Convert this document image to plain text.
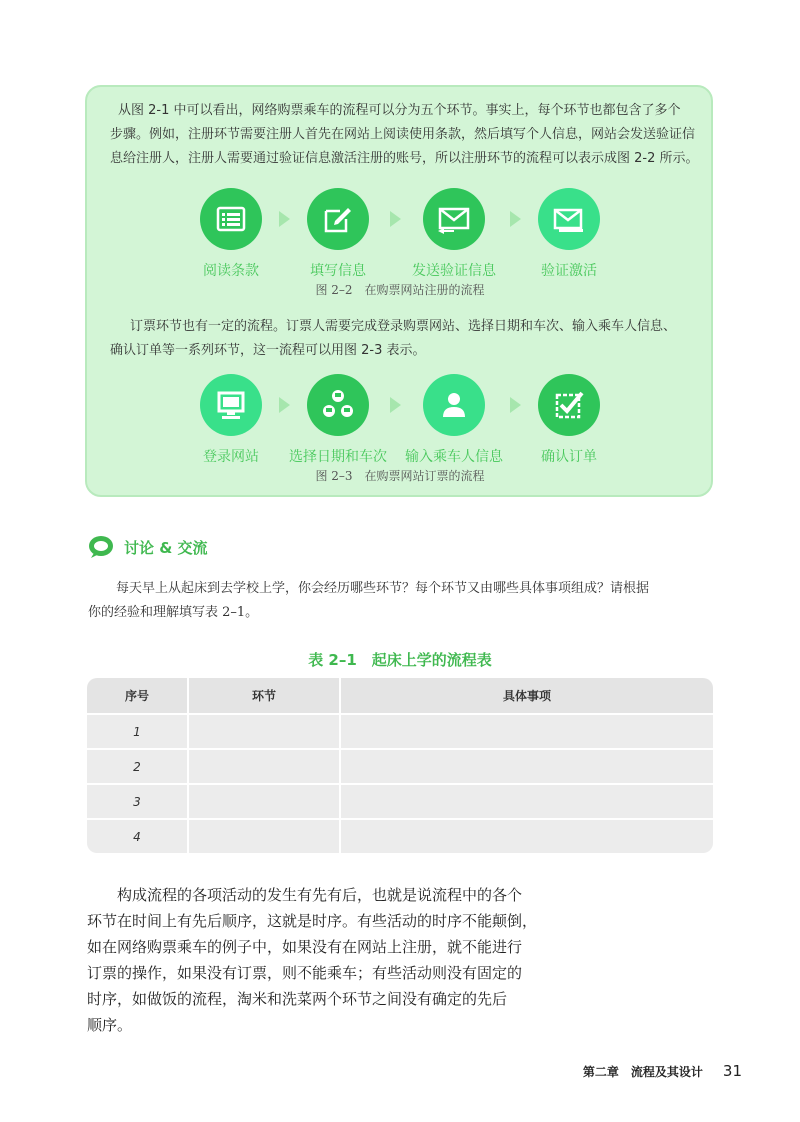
从图 2-1 中可以看出，网络购票乘车的流程可以分为五个环节。事实上，每个环节也都包含了多个

步骤。例如，注册环节需要注册人首先在网站上阅读使用条款，然后填写个人信息，网站会发送验证信

息给注册人，注册人需要通过验证信息激活注册的账号，所以注册环节的流程可以表示成图 2-2 所示。

阅读条款	填写信息	发送验证信息	验证激活
图 2–2　在购票网站注册的流程

订票环节也有一定的流程。订票人需要完成登录购票网站、选择日期和车次、输入乘车人信息、

确认订单等一系列环节，这一流程可以用图 2-3 表示。

登录网站	选择日期和车次	输入乘车人信息	确认订单
图 2–3　在购票网站订票的流程
讨论 & 交流

每天早上从起床到去学校上学，你会经历哪些环节？每个环节又由哪些具体事项组成？请根据

你的经验和理解填写表 2–1。

表 2–1　起床上学的流程表
序号	环节	具体事项
1
2
3
4
构成流程的各项活动的发生有先有后，也就是说流程中的各个
环节在时间上有先后顺序，这就是时序。有些活动的时序不能颠倒，
如在网络购票乘车的例子中，如果没有在网站上注册，就不能进行
订票的操作，如果没有订票，则不能乘车；有些活动则没有固定的
时序，如做饭的流程，淘米和洗菜两个环节之间没有确定的先后
顺序。
第二章　流程及其设计 31
